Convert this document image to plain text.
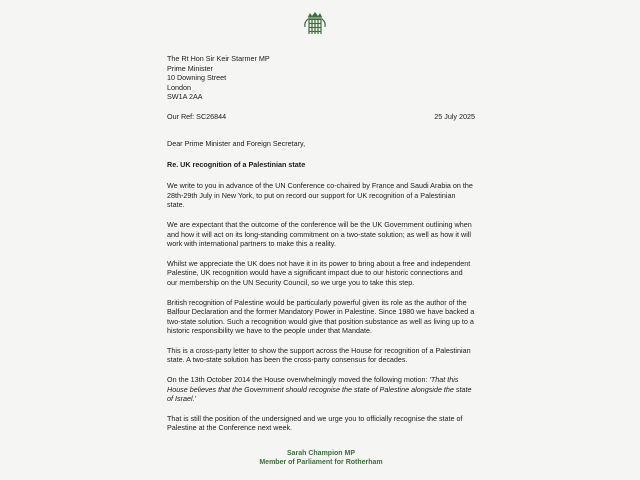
The Rt Hon Sir Keir Starmer MP
Prime Minister
10 Downing Street
London
SW1A 2AA
Our Ref: SC26844	25 July 2025
Dear Prime Minister and Foreign Secretary,
Re. UK recognition of a Palestinian state

We write to you in advance of the UN Conference co-chaired by France and Saudi Arabia on the 28th-29th July in New York, to put on record our support for UK recognition of a Palestinian state.

We are expectant that the outcome of the conference will be the UK Government outlining when and how it will act on its long-standing commitment on a two-state solution; as well as how it will work with international partners to make this a reality.

Whilst we appreciate the UK does not have it in its power to bring about a free and independent Palestine, UK recognition would have a significant impact due to our historic connections and our membership on the UN Security Council, so we urge you to take this step.

British recognition of Palestine would be particularly powerful given its role as the author of the Balfour Declaration and the former Mandatory Power in Palestine. Since 1980 we have backed a two-state solution. Such a recognition would give that position substance as well as living up to a historic responsibility we have to the people under that Mandate.

This is a cross-party letter to show the support across the House for recognition of a Palestinian state. A two-state solution has been the cross-party consensus for decades.

On the 13th October 2014 the House overwhelmingly moved the following motion: 'That this House believes that the Government should recognise the state of Palestine alongside the state of Israel.'

That is still the position of the undersigned and we urge you to officially recognise the state of Palestine at the Conference next week.

Sarah Champion MP
Member of Parliament for Rotherham
